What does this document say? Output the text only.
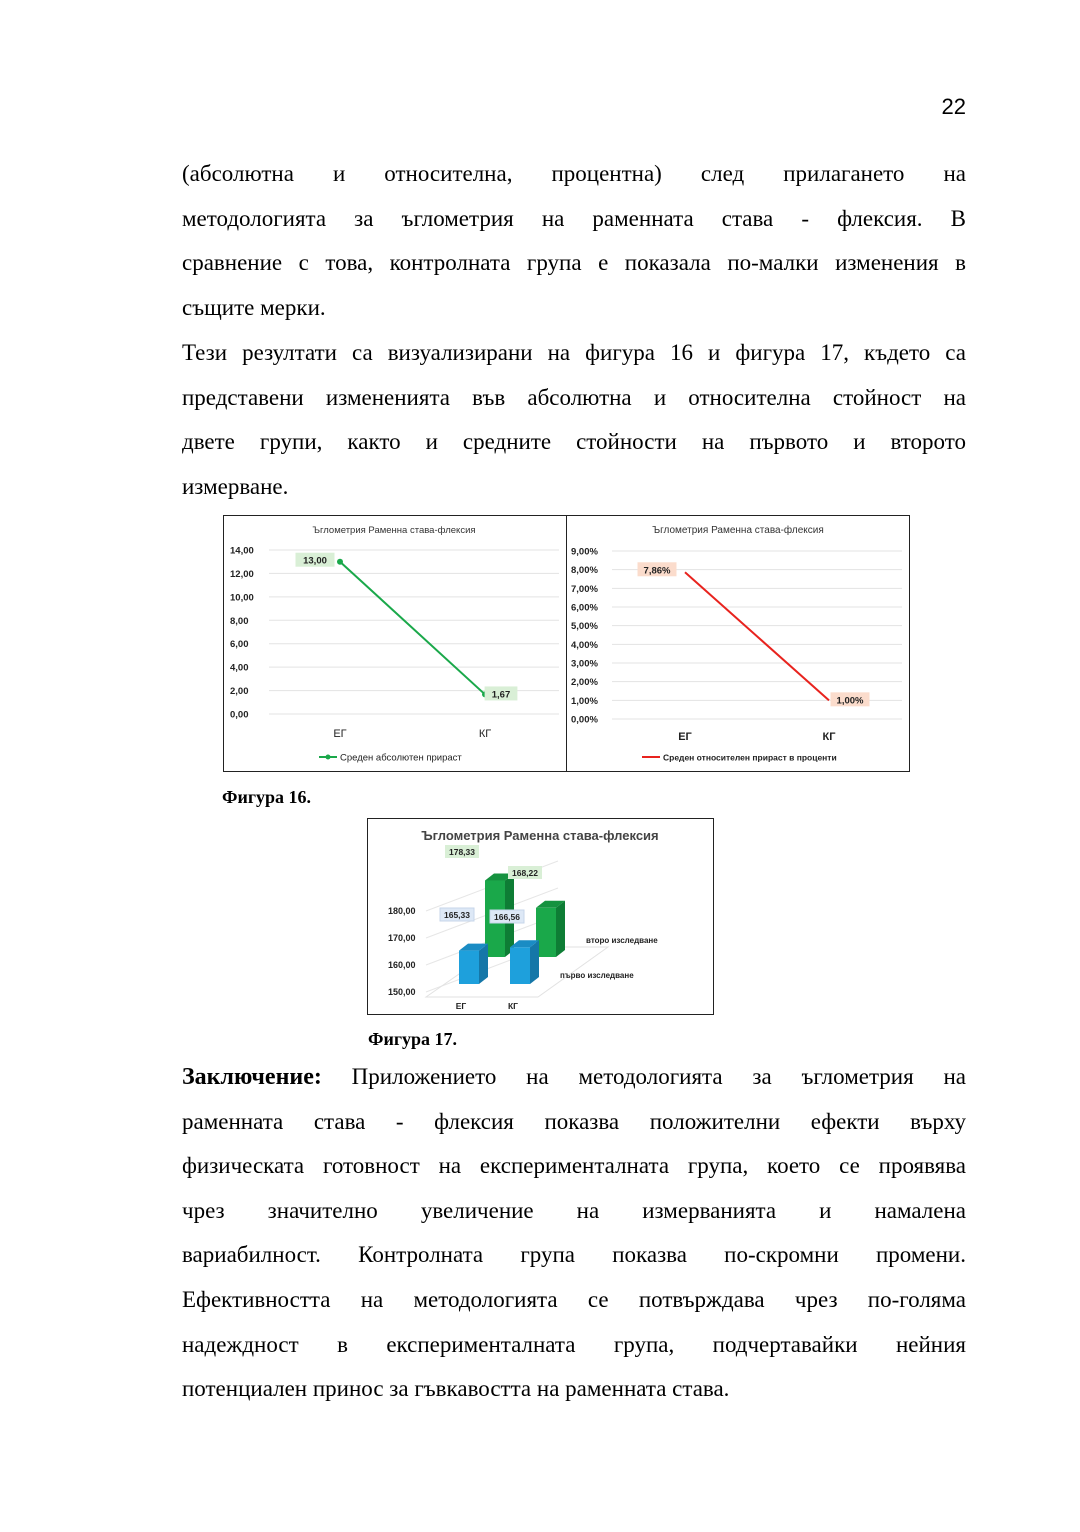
22
(абсолютна и относителна, процентна) след прилагането на
методологията за ъглометрия на раменната става - флексия. В
сравнение с това, контролната група е показала по-малки изменения в
същите мерки.
Тези резултати са визуализирани на фигура 16 и фигура 17, където са
представени измененията във абсолютна и относителна стойност на
двете групи, както и средните стойности на първото и второто
измерване.
Ъглометрия Раменна става-флексия
0,00
2,00
4,00
6,00
8,00
10,00
12,00
14,00
ЕГ	КГ
13,00
1,67
Среден абсолютен прираст
Ъглометрия Раменна става-флексия
0,00%
1,00%
2,00%
3,00%
4,00%
5,00%
6,00%
7,00%
8,00%
9,00%
ЕГ	КГ
7,86%
1,00%
Среден относителен прираст в проценти
Фигура 16.
Ъглометрия Раменна става-флексия
150,00
160,00
170,00
180,00
178,33
168,22
165,33	166,56
ЕГ	КГ
второ изследване
първо изследване
Фигура 17.
Заключение: Приложението на методологията за ъглометрия на
раменната става - флексия показва положителни ефекти върху
физическата готовност на експерименталната група, което се проявява
чрез значително увеличение на измерванията и намалена
вариабилност. Контролната група показва по-скромни промени.
Ефективността на методологията се потвърждава чрез по-голяма
надеждност в експерименталната група, подчертавайки нейния
потенциален принос за гъвкавостта на раменната става.
